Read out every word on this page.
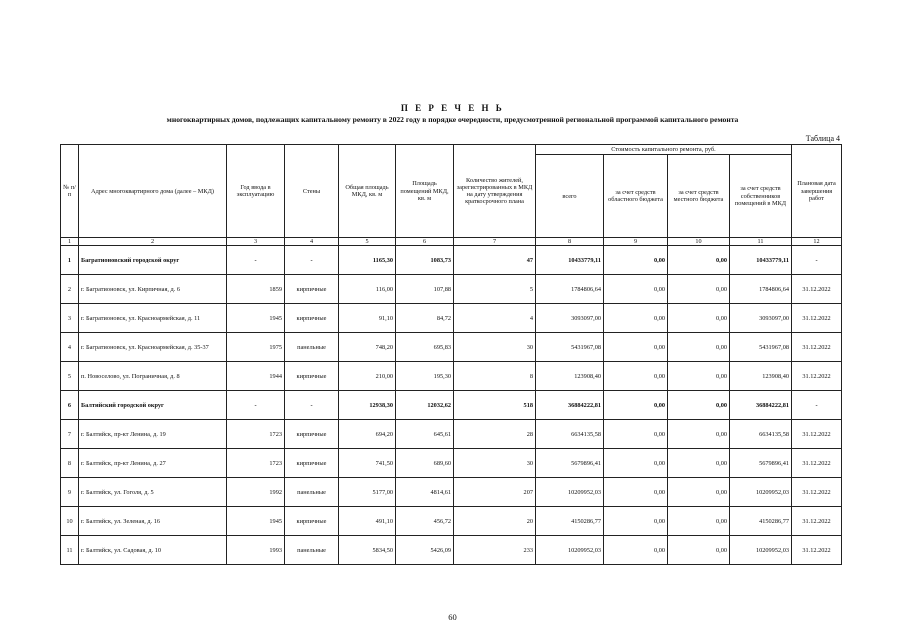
П Е Р Е Ч Е Н Ь
многоквартирных домов, подлежащих капитальному ремонту в 2022 году в порядке очередности, предусмотренной региональной программой капитального ремонта
Таблица 4
№ п/п	Адрес многоквартирного дома (далее – МКД)	Год ввода в эксплуатацию	Стены	Общая площадь МКД, кв. м	Площадь помещений МКД, кв. м	Количество жителей, зарегистрированных в МКД на дату утверждения краткосрочного плана	Стоимость капитального ремонта, руб.				Плановая дата завершения работ
							всего	за счет средств областного бюджета	за счет средств местного бюджета	за счет средств собственников помещений в МКД	
1	2	3	4	5	6	7	8	9	10	11	12
1	Багратионовский городской округ	-	-	1165,30	1083,73	47	10433779,11	0,00	0,00	10433779,11	-
2	г. Багратионовск, ул. Кирпичная, д. 6	1859	кирпичные	116,00	107,88	5	1784806,64	0,00	0,00	1784806,64	31.12.2022
3	г. Багратионовск, ул. Красноармейская, д. 11	1945	кирпичные	91,10	84,72	4	3093097,00	0,00	0,00	3093097,00	31.12.2022
4	г. Багратионовск, ул. Красноармейская, д. 35-37	1975	панельные	748,20	695,83	30	5431967,08	0,00	0,00	5431967,08	31.12.2022
5	п. Новоселово, ул. Пограничная, д. 8	1944	кирпичные	210,00	195,30	8	123908,40	0,00	0,00	123908,40	31.12.2022
6	Балтийский городской округ	-	-	12938,30	12032,62	518	36884222,81	0,00	0,00	36884222,81	-
7	г. Балтийск, пр-кт Ленина, д. 19	1723	кирпичные	694,20	645,61	28	6634135,58	0,00	0,00	6634135,58	31.12.2022
8	г. Балтийск, пр-кт Ленина, д. 27	1723	кирпичные	741,50	689,60	30	5679896,41	0,00	0,00	5679896,41	31.12.2022
9	г. Балтийск, ул. Гоголя, д. 5	1992	панельные	5177,00	4814,61	207	10209952,03	0,00	0,00	10209952,03	31.12.2022
10	г. Балтийск, ул. Зеленая, д. 16	1945	кирпичные	491,10	456,72	20	4150286,77	0,00	0,00	4150286,77	31.12.2022
11	г. Балтийск, ул. Садовая, д. 10	1993	панельные	5834,50	5426,09	233	10209952,03	0,00	0,00	10209952,03	31.12.2022
60
